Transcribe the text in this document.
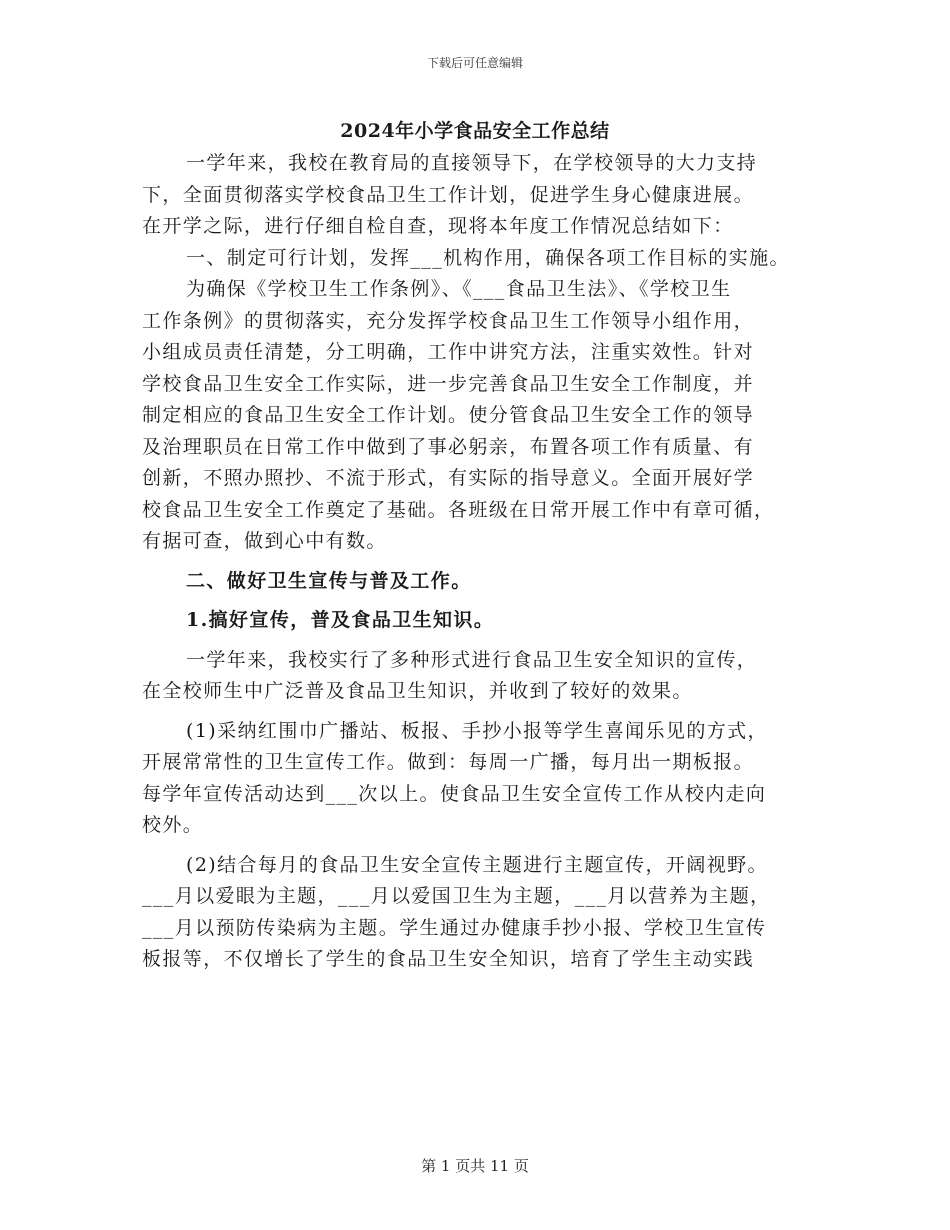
下载后可任意编辑
2024年小学食品安全工作总结
一学年来，我校在教育局的直接领导下，在学校领导的大力支持
下，全面贯彻落实学校食品卫生工作计划，促进学生身心健康进展。
在开学之际，进行仔细自检自查，现将本年度工作情况总结如下：
一、制定可行计划，发挥___机构作用，确保各项工作目标的实施。
为确保《学校卫生工作条例》、《___食品卫生法》、《学校卫生
工作条例》的贯彻落实，充分发挥学校食品卫生工作领导小组作用，
小组成员责任清楚，分工明确，工作中讲究方法，注重实效性。针对
学校食品卫生安全工作实际，进一步完善食品卫生安全工作制度，并
制定相应的食品卫生安全工作计划。使分管食品卫生安全工作的领导
及治理职员在日常工作中做到了事必躬亲，布置各项工作有质量、有
创新，不照办照抄、不流于形式，有实际的指导意义。全面开展好学
校食品卫生安全工作奠定了基础。各班级在日常开展工作中有章可循，
有据可查，做到心中有数。
二、做好卫生宣传与普及工作。
1.搞好宣传，普及食品卫生知识。
一学年来，我校实行了多种形式进行食品卫生安全知识的宣传，
在全校师生中广泛普及食品卫生知识，并收到了较好的效果。
(1)采纳红围巾广播站、板报、手抄小报等学生喜闻乐见的方式，
开展常常性的卫生宣传工作。做到：每周一广播，每月出一期板报。
每学年宣传活动达到___次以上。使食品卫生安全宣传工作从校内走向
校外。
(2)结合每月的食品卫生安全宣传主题进行主题宣传，开阔视野。
___月以爱眼为主题，___月以爱国卫生为主题，___月以营养为主题，
___月以预防传染病为主题。学生通过办健康手抄小报、学校卫生宣传
板报等，不仅增长了学生的食品卫生安全知识，培育了学生主动实践
第 1 页共 11 页
